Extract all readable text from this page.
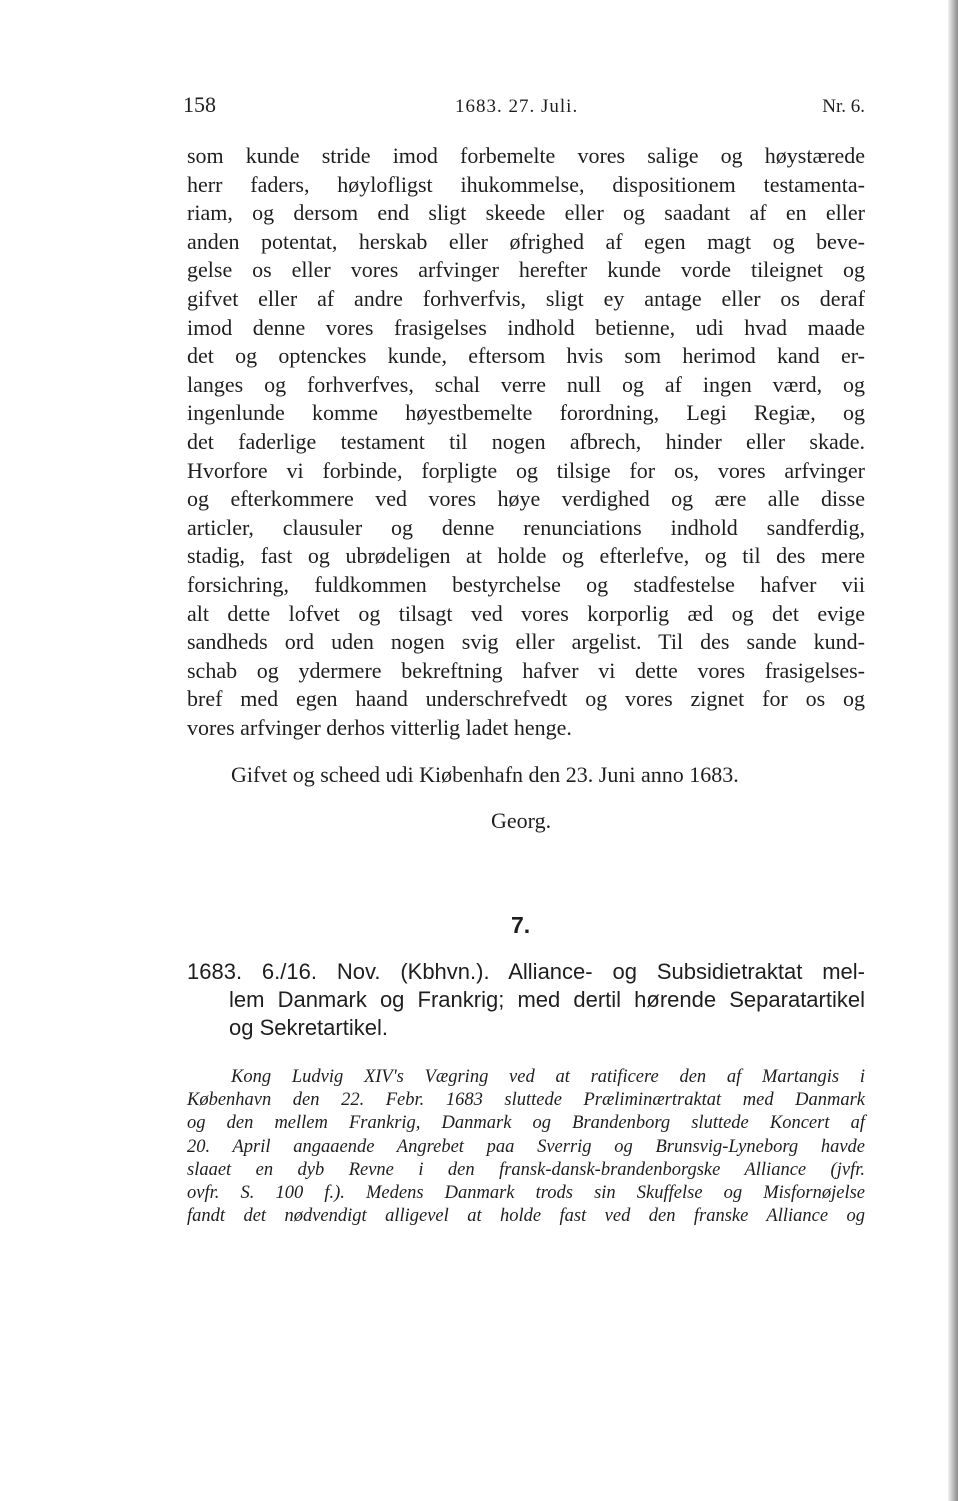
158	1683. 27. Juli.	Nr. 6.
som kunde stride imod forbemelte vores salige og høystærede
herr faders, høylofligst ihukommelse, dispositionem testamenta-
riam, og dersom end sligt skeede eller og saadant af en eller
anden potentat, herskab eller øfrighed af egen magt og beve-
gelse os eller vores arfvinger herefter kunde vorde tileignet og
gifvet eller af andre forhverfvis, sligt ey antage eller os deraf
imod denne vores frasigelses indhold betienne, udi hvad maade
det og optenckes kunde, eftersom hvis som herimod kand er-
langes og forhverfves, schal verre null og af ingen værd, og
ingenlunde komme høyestbemelte forordning, Legi Regiæ, og
det faderlige testament til nogen afbrech, hinder eller skade.
Hvorfore vi forbinde, forpligte og tilsige for os, vores arfvinger
og efterkommere ved vores høye verdighed og ære alle disse
articler, clausuler og denne renunciations indhold sandferdig,
stadig, fast og ubrødeligen at holde og efterlefve, og til des mere
forsichring, fuldkommen bestyrchelse og stadfestelse hafver vii
alt dette lofvet og tilsagt ved vores korporlig æd og det evige
sandheds ord uden nogen svig eller argelist. Til des sande kund-
schab og ydermere bekreftning hafver vi dette vores frasigelses-
bref med egen haand underschrefvedt og vores zignet for os og
vores arfvinger derhos vitterlig ladet henge.
Gifvet og scheed udi Kiøbenhafn den 23. Juni anno 1683.
Georg.
7.
1683. 6./16. Nov. (Kbhvn.). Alliance- og Subsidietraktat mel-
lem Danmark og Frankrig; med dertil hørende Separatartikel
og Sekretartikel.
Kong Ludvig XIV's Vægring ved at ratificere den af Martangis i
København den 22. Febr. 1683 sluttede Præliminærtraktat med Danmark
og den mellem Frankrig, Danmark og Brandenborg sluttede Koncert af
20. April angaaende Angrebet paa Sverrig og Brunsvig-Lyneborg havde
slaaet en dyb Revne i den fransk-dansk-brandenborgske Alliance (jvfr.
ovfr. S. 100 f.). Medens Danmark trods sin Skuffelse og Misfornøjelse
fandt det nødvendigt alligevel at holde fast ved den franske Alliance og
